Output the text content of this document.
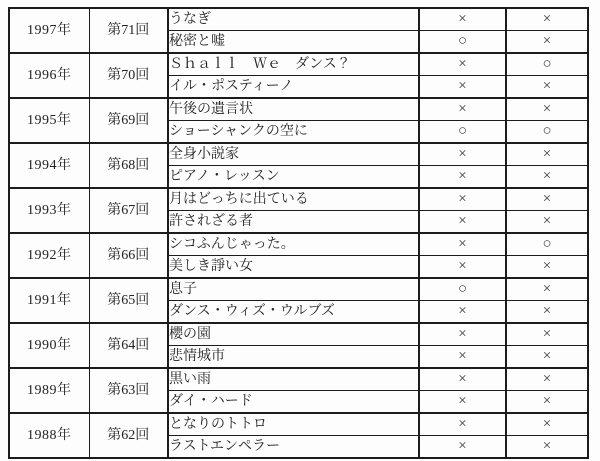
1997年	第71回	うなぎ	×	×
		秘密と嘘	○	×
1996年	第70回	Ｓｈａｌｌ　Ｗｅ　ダンス？	×	○
		イル・ポスティーノ	×	×
1995年	第69回	午後の遺言状	×	×
		ショーシャンクの空に	○	○
1994年	第68回	全身小説家	×	×
		ピアノ・レッスン	×	×
1993年	第67回	月はどっちに出ている	×	×
		許されざる者	×	×
1992年	第66回	シコふんじゃった。	×	○
		美しき諍い女	×	×
1991年	第65回	息子	○	×
		ダンス・ウィズ・ウルブズ	×	×
1990年	第64回	櫻の園	×	×
		悲情城市	×	×
1989年	第63回	黒い雨	×	×
		ダイ・ハード	×	×
1988年	第62回	となりのトトロ	×	×
		ラストエンペラー	×	×
